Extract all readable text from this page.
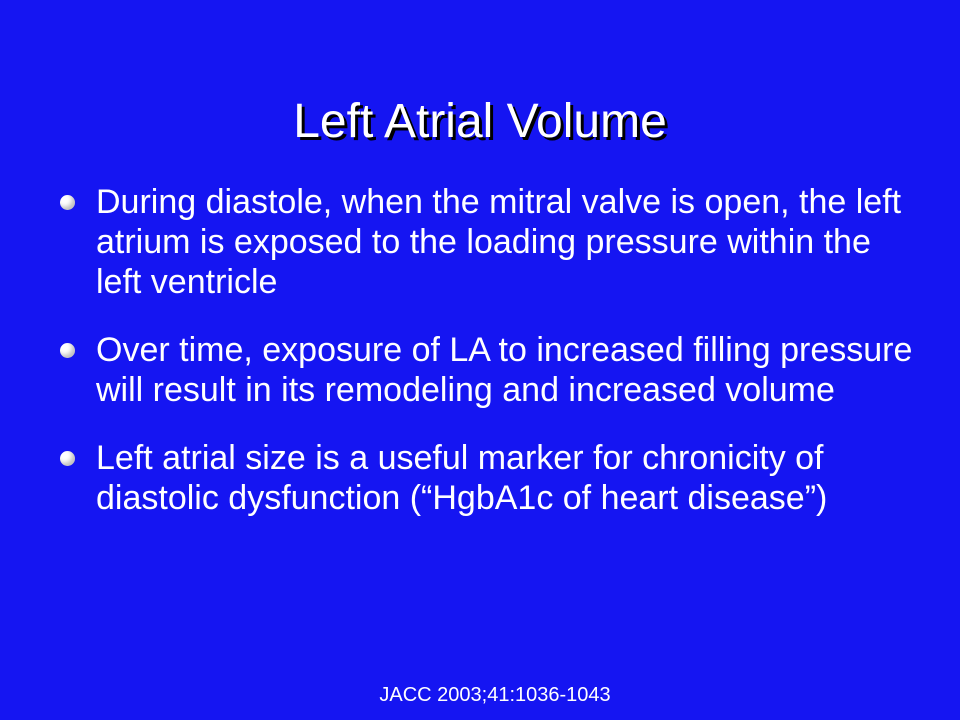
Left Atrial Volume
During diastole, when the mitral valve is open, the left atrium is exposed to the loading pressure within the left ventricle
Over time, exposure of LA to increased filling pressure will result in its remodeling and increased volume
Left atrial size is a useful marker for chronicity of diastolic dysfunction (“HgbA1c of heart disease”)
JACC 2003;41:1036-1043
